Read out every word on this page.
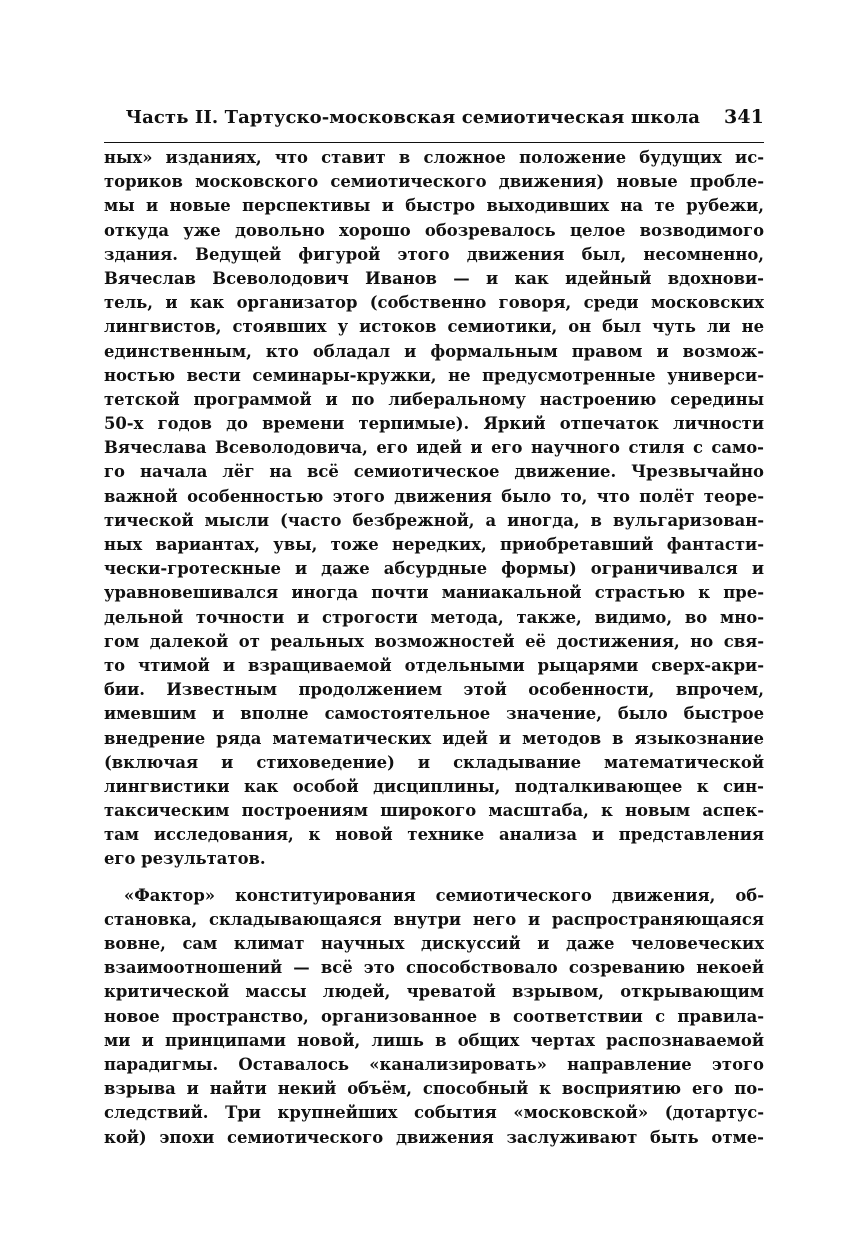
Часть II. Тартуско-московская семиотическая школа 341
ных» изданиях, что ставит в сложное положение будущих ис-
ториков московского семиотического движения) новые пробле-
мы и новые перспективы и быстро выходивших на те рубежи,
откуда уже довольно хорошо обозревалось целое возводимого
здания. Ведущей фигурой этого движения был, несомненно,
Вячеслав Всеволодович Иванов — и как идейный вдохнови-
тель, и как организатор (собственно говоря, среди московских
лингвистов, стоявших у истоков семиотики, он был чуть ли не
единственным, кто обладал и формальным правом и возмож-
ностью вести семинары-кружки, не предусмотренные универси-
тетской программой и по либеральному настроению середины
50-х годов до времени терпимые). Яркий отпечаток личности
Вячеслава Всеволодовича, его идей и его научного стиля с само-
го начала лёг на всё семиотическое движение. Чрезвычайно
важной особенностью этого движения было то, что полёт теоре-
тической мысли (часто безбрежной, а иногда, в вульгаризован-
ных вариантах, увы, тоже нередких, приобретавший фантасти-
чески-гротескные и даже абсурдные формы) ограничивался и
уравновешивался иногда почти маниакальной страстью к пре-
дельной точности и строгости метода, также, видимо, во мно-
гом далекой от реальных возможностей её достижения, но свя-
то чтимой и взращиваемой отдельными рыцарями сверх-акри-
бии. Известным продолжением этой особенности, впрочем,
имевшим и вполне самостоятельное значение, было быстрое
внедрение ряда математических идей и методов в языкознание
(включая и стиховедение) и складывание математической
лингвистики как особой дисциплины, подталкивающее к син-
таксическим построениям широкого масштаба, к новым аспек-
там исследования, к новой технике анализа и представления
его результатов.
«Фактор» конституирования семиотического движения, об-
становка, складывающаяся внутри него и распространяющаяся
вовне, сам климат научных дискуссий и даже человеческих
взаимоотношений — всё это способствовало созреванию некоей
критической массы людей, чреватой взрывом, открывающим
новое пространство, организованное в соответствии с правила-
ми и принципами новой, лишь в общих чертах распознаваемой
парадигмы. Оставалось «канализировать» направление этого
взрыва и найти некий объём, способный к восприятию его по-
следствий. Три крупнейших события «московской» (дотартус-
кой) эпохи семиотического движения заслуживают быть отме-
